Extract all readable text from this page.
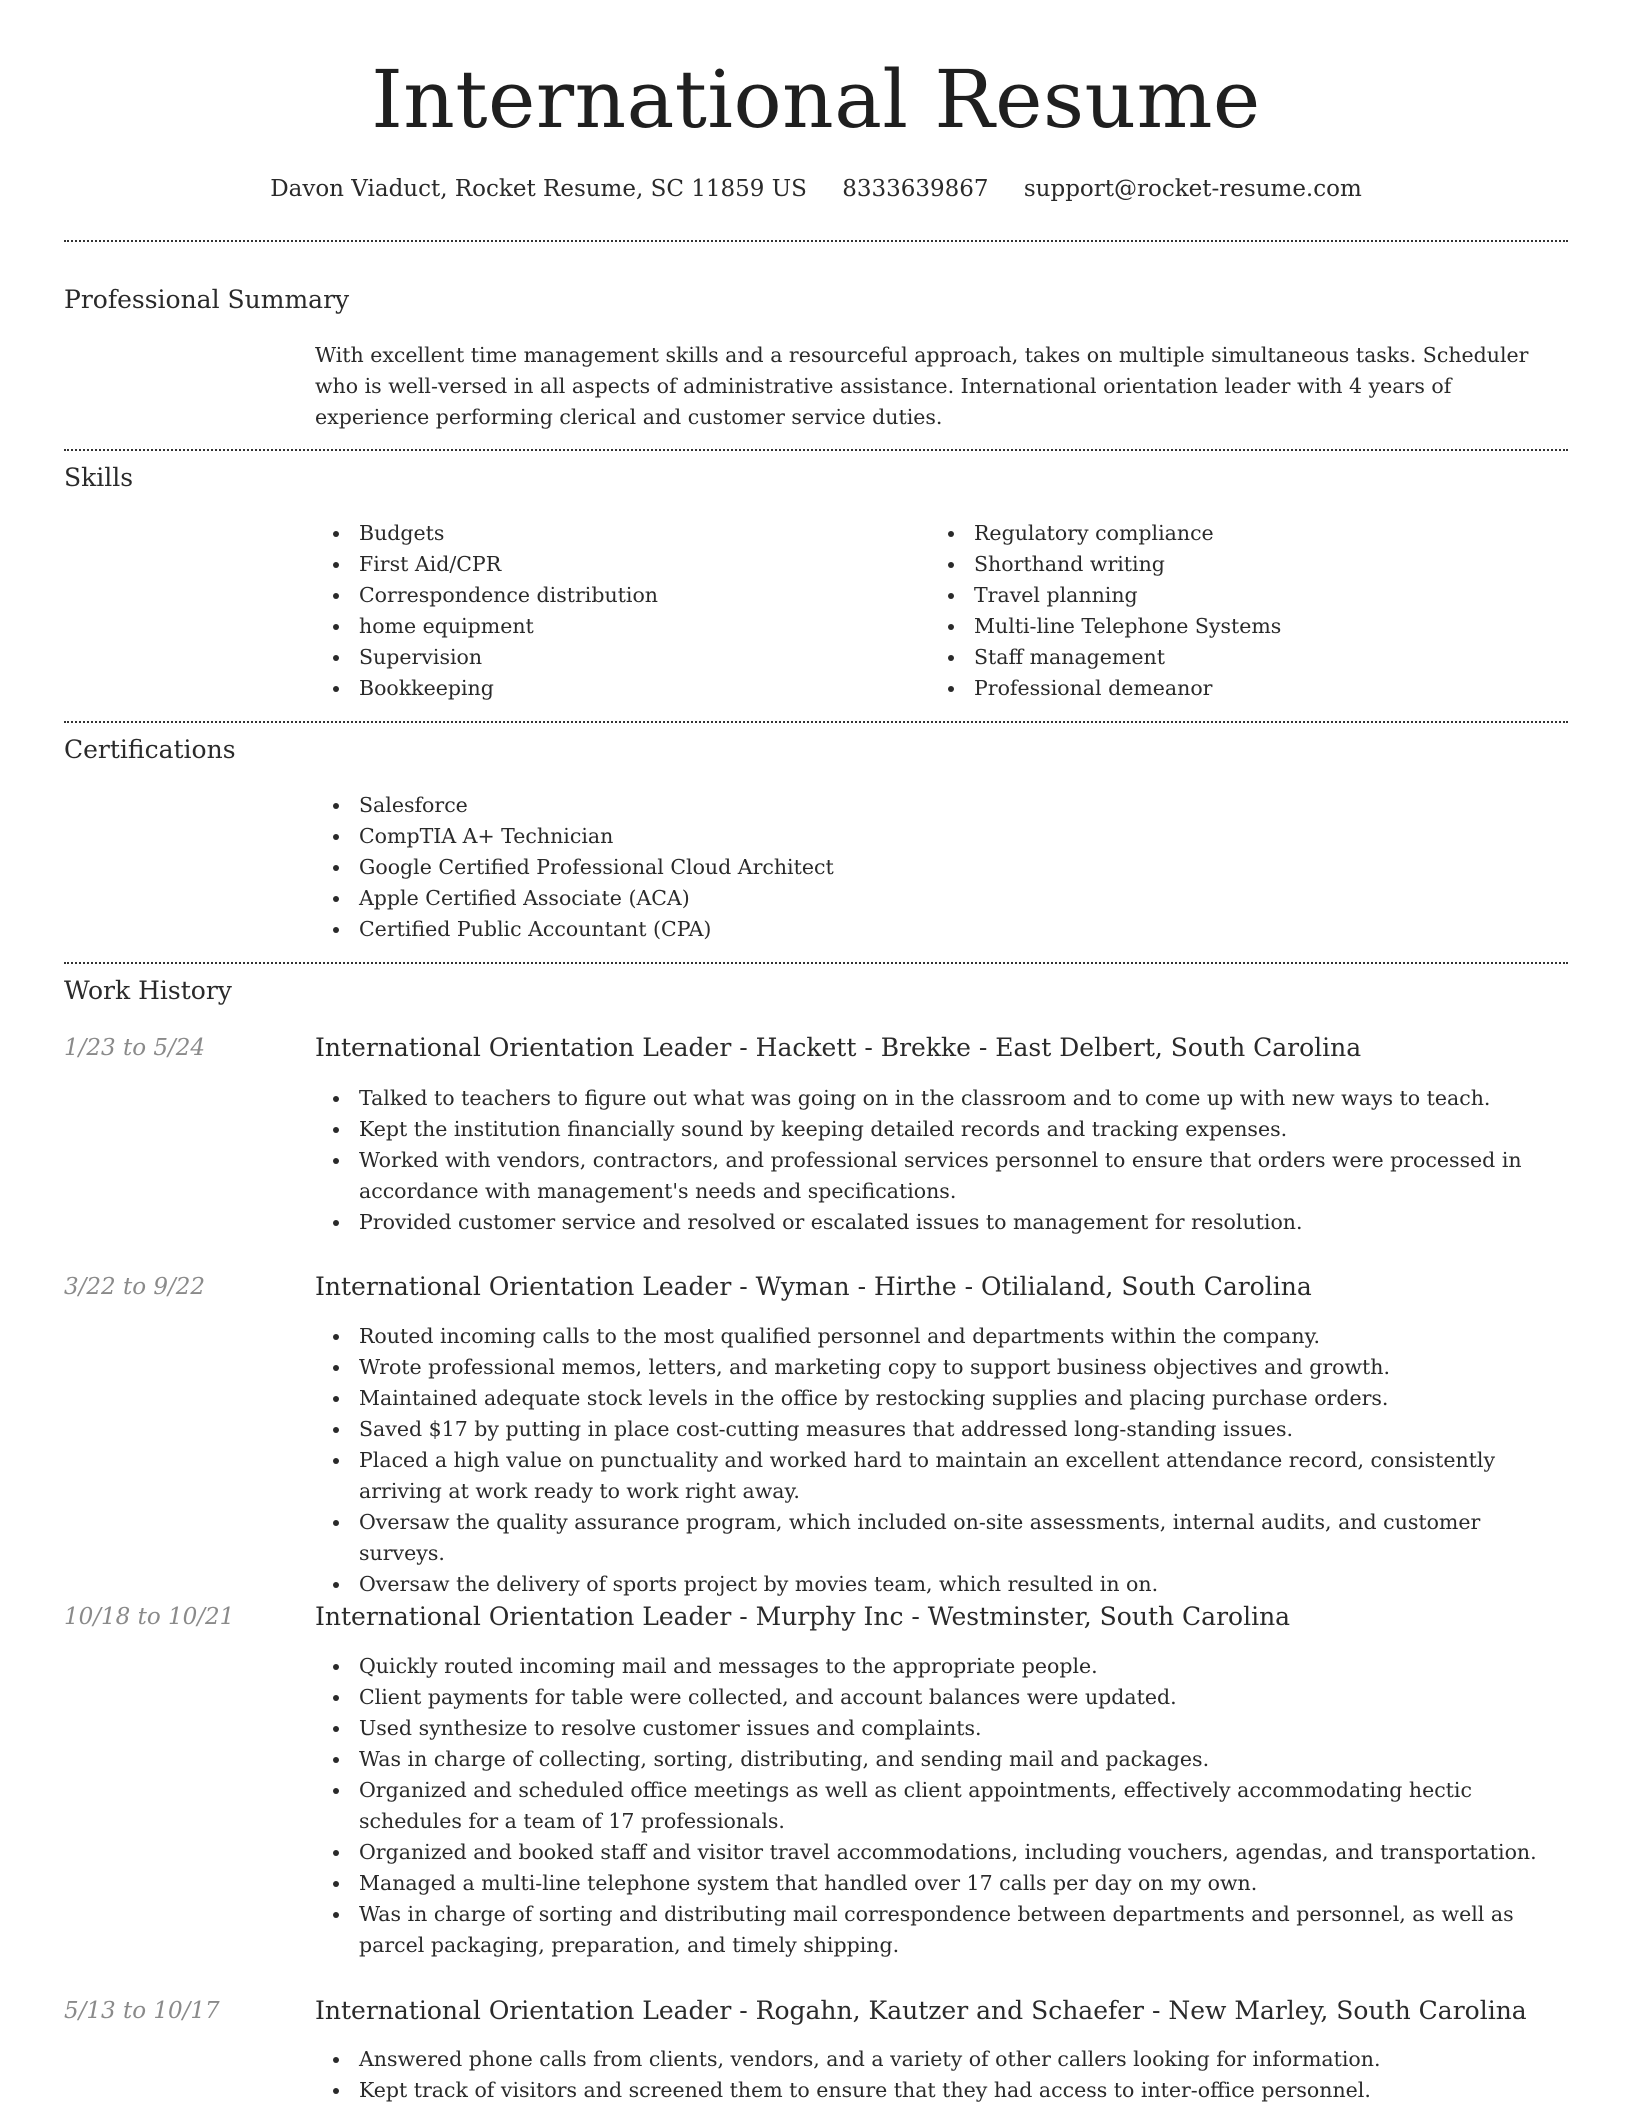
International Resume
Davon Viaduct, Rocket Resume, SC 11859 US 8333639867 support@rocket-resume.com
Professional Summary

With excellent time management skills and a resourceful approach, takes on multiple simultaneous tasks. Scheduler who is well-versed in all aspects of administrative assistance. International orientation leader with 4 years of experience performing clerical and customer service duties.

Skills
Budgets
First Aid/CPR
Correspondence distribution
home equipment
Supervision
Bookkeeping
Regulatory compliance
Shorthand writing
Travel planning
Multi-line Telephone Systems
Staff management
Professional demeanor
Certifications
Salesforce
CompTIA A+ Technician
Google Certified Professional Cloud Architect
Apple Certified Associate (ACA)
Certified Public Accountant (CPA)
Work History
1/23 to 5/24	International Orientation Leader - Hackett - Brekke - East Delbert, South Carolina
Talked to teachers to figure out what was going on in the classroom and to come up with new ways to teach.
Kept the institution financially sound by keeping detailed records and tracking expenses.
Worked with vendors, contractors, and professional services personnel to ensure that orders were processed in accordance with management's needs and specifications.
Provided customer service and resolved or escalated issues to management for resolution.
3/22 to 9/22	International Orientation Leader - Wyman - Hirthe - Otilialand, South Carolina
Routed incoming calls to the most qualified personnel and departments within the company.
Wrote professional memos, letters, and marketing copy to support business objectives and growth.
Maintained adequate stock levels in the office by restocking supplies and placing purchase orders.
Saved $17 by putting in place cost-cutting measures that addressed long-standing issues.
Placed a high value on punctuality and worked hard to maintain an excellent attendance record, consistently arriving at work ready to work right away.
Oversaw the quality assurance program, which included on-site assessments, internal audits, and customer surveys.
Oversaw the delivery of sports project by movies team, which resulted in on.
10/18 to 10/21	International Orientation Leader - Murphy Inc - Westminster, South Carolina
Quickly routed incoming mail and messages to the appropriate people.
Client payments for table were collected, and account balances were updated.
Used synthesize to resolve customer issues and complaints.
Was in charge of collecting, sorting, distributing, and sending mail and packages.
Organized and scheduled office meetings as well as client appointments, effectively accommodating hectic schedules for a team of 17 professionals.
Organized and booked staff and visitor travel accommodations, including vouchers, agendas, and transportation.
Managed a multi-line telephone system that handled over 17 calls per day on my own.
Was in charge of sorting and distributing mail correspondence between departments and personnel, as well as parcel packaging, preparation, and timely shipping.
5/13 to 10/17	International Orientation Leader - Rogahn, Kautzer and Schaefer - New Marley, South Carolina
Answered phone calls from clients, vendors, and a variety of other callers looking for information.
Kept track of visitors and screened them to ensure that they had access to inter-office personnel.
